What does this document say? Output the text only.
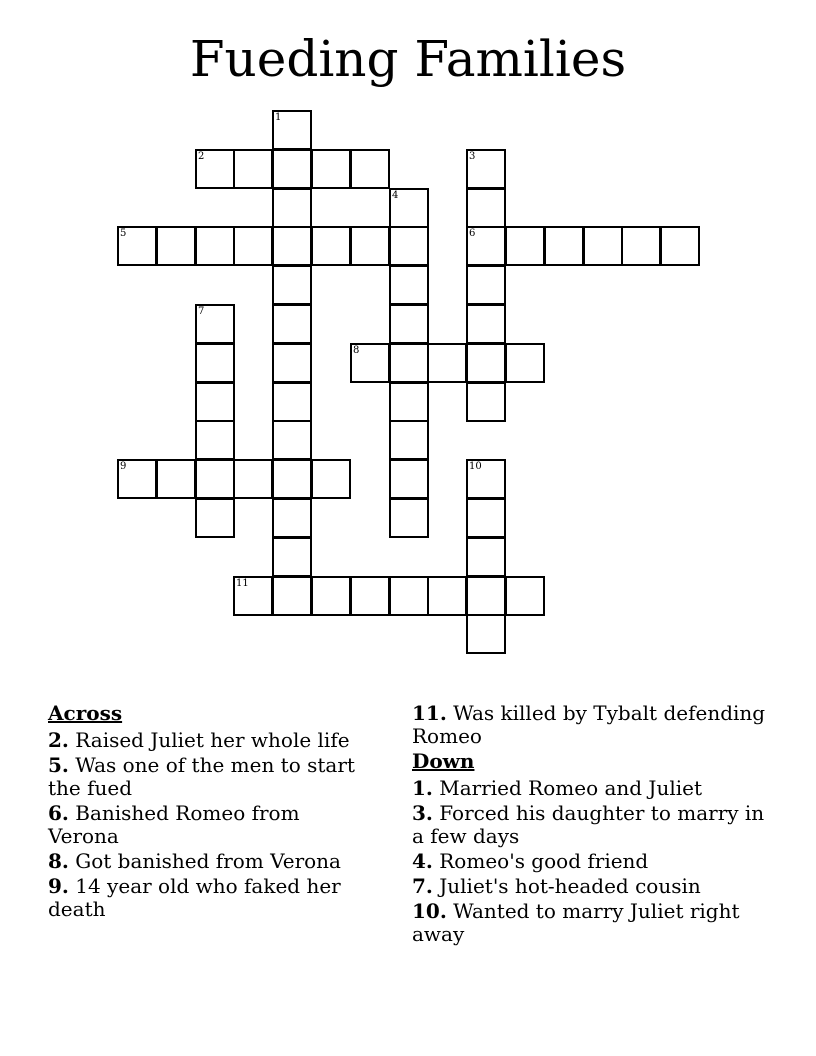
Fueding Families
1
2	3
6
4
5
7
8
9	10
11
Across
2. Raised Juliet her whole life
5. Was one of the men to start the fued
6. Banished Romeo from Verona
8. Got banished from Verona
9. 14 year old who faked her death
11. Was killed by Tybalt defending Romeo
Down
1. Married Romeo and Juliet
3. Forced his daughter to marry in a few days
4. Romeo's good friend
7. Juliet's hot-headed cousin
10. Wanted to marry Juliet right away
